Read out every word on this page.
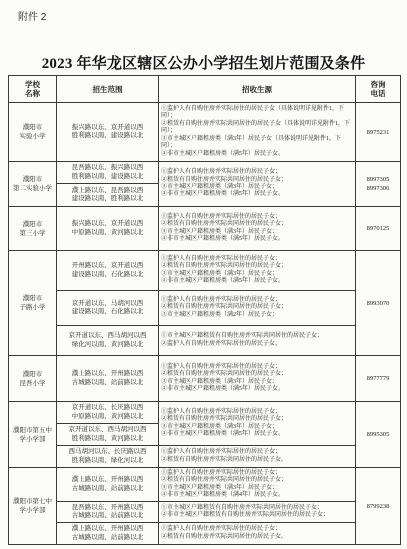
附件 2
2023 年华龙区辖区公办小学招生划片范围及条件
学校
名称	招生范围	招收生源	咨询
电话

濮阳市
实验小学	振兴路以东、京开道以西
胜利路以南、建设路以北	①监护人有自购住房并实际居住的居民子女（具体说明详见附件1，下同）；
②租赁有自购住房并实际共同居住的居民子女（具体说明详见附件1，下同）；
③市主城区户籍租房类（满3年）居民子女（具体说明详见附件1，下同）；
④非市主城区户籍租房类（满5年）居民子女。	8975231

濮阳市
第二实验小学	昆吾路以东、振兴路以西
胜利路以南、建设路以北	①监护人有自购住房并实际居住的居民子女；
②租赁有自购住房并实际共同居住的居民子女；
③市主城区户籍租房类（满3年）居民子女；
④非市主城区户籍租房类（满5年）居民子女。	8997305
8997306

	濮上路以东、昆吾路以西
建设路以南、胜利路以北		

濮阳市
第三小学	振兴路以东、京开道以西
中原路以南、黄河路以北	①监护人有自购住房并实际居住的居民子女；
②租赁有自购住房并实际共同居住的居民子女；
③市主城区户籍租房类（满3年）居民子女；
④非市主城区户籍租房类（满5年）居民子女。	8970125

濮阳市
子路小学	开州路以东、京开道以西
建设路以南、石化路以北	①监护人有自购住房并实际居住的居民子女；
②租赁有自购住房并实际共同居住的居民子女；
③市主城区户籍租房类（满3年）居民子女；
④非市主城区户籍租房类（满5年）居民子女。	8993070

	京开道以东、马胡河以西
建设路以南、石化路以北	①监护人有自购住房并实际居住的居民子女；
②租赁有自购住房并实际共同居住的居民子女；
③市主城区户籍租房类（满2年）居民子女；	

	京开道以东、西马胡河以西
绿化河以南、黄河路以北	①市主城区户籍租赁有自购住房并实际共同居住的居民子女；
②监护人有自购住房并实际居住的居民子女。	

濮阳市
昆吾小学	濮上路以东、开州路以西
古城路以南、站前路以北	①监护人有自购住房并实际居住的居民子女；
②租赁有自购住房并实际共同居住的居民子女；
③市主城区户籍租房类（满3年）居民子女；
④非市主城区户籍租房类（满5年）居民子女。	8977779

濮阳市第五中
学小学部	京开道以东、长庆路以西
中原路以南、黄河路以北	①监护人有自购住房并实际居住的居民子女；
②租赁有自购住房并实际共同居住的居民子女；
③市主城区户籍租房类（满3年）居民子女；
④非市主城区户籍租房类（满5年）居民子女。	8995305

	京开道以东、西马胡河以西
胜利路以南、黄河路以北		

	西马胡河以东、长庆路以西
胜利路以南、绿化河以北	①监护人有自购住房并实际居住的居民子女；
②租赁有自购住房并实际共同居住的居民子女。	

濮阳市第七中
学小学部	濮上路以东、开州路以西
古城路以南、站前路以北	①监护人有自购住房并实际居住的居民子女；
②租赁有自购住房并实际共同居住的居民子女；
③市主城区户籍租房类（满3年）居民子女；
④非市主城区户籍租房类（满4年）居民子女。	8799238

	昆吾路以东、开州路以西
古城路以南、站前路以北	①市主城区户籍租赁有自购住房并实际共同居住的居民子女；
②非市主城区户籍租赁有自购住房并实际共同居住的居民子女；	

	濮上路以东、开州路以西
古城路以南、站前路以北	①监护人有自购住房并实际居住的居民子女；
②租赁有自购住房并实际共同居住的居民子女。	
